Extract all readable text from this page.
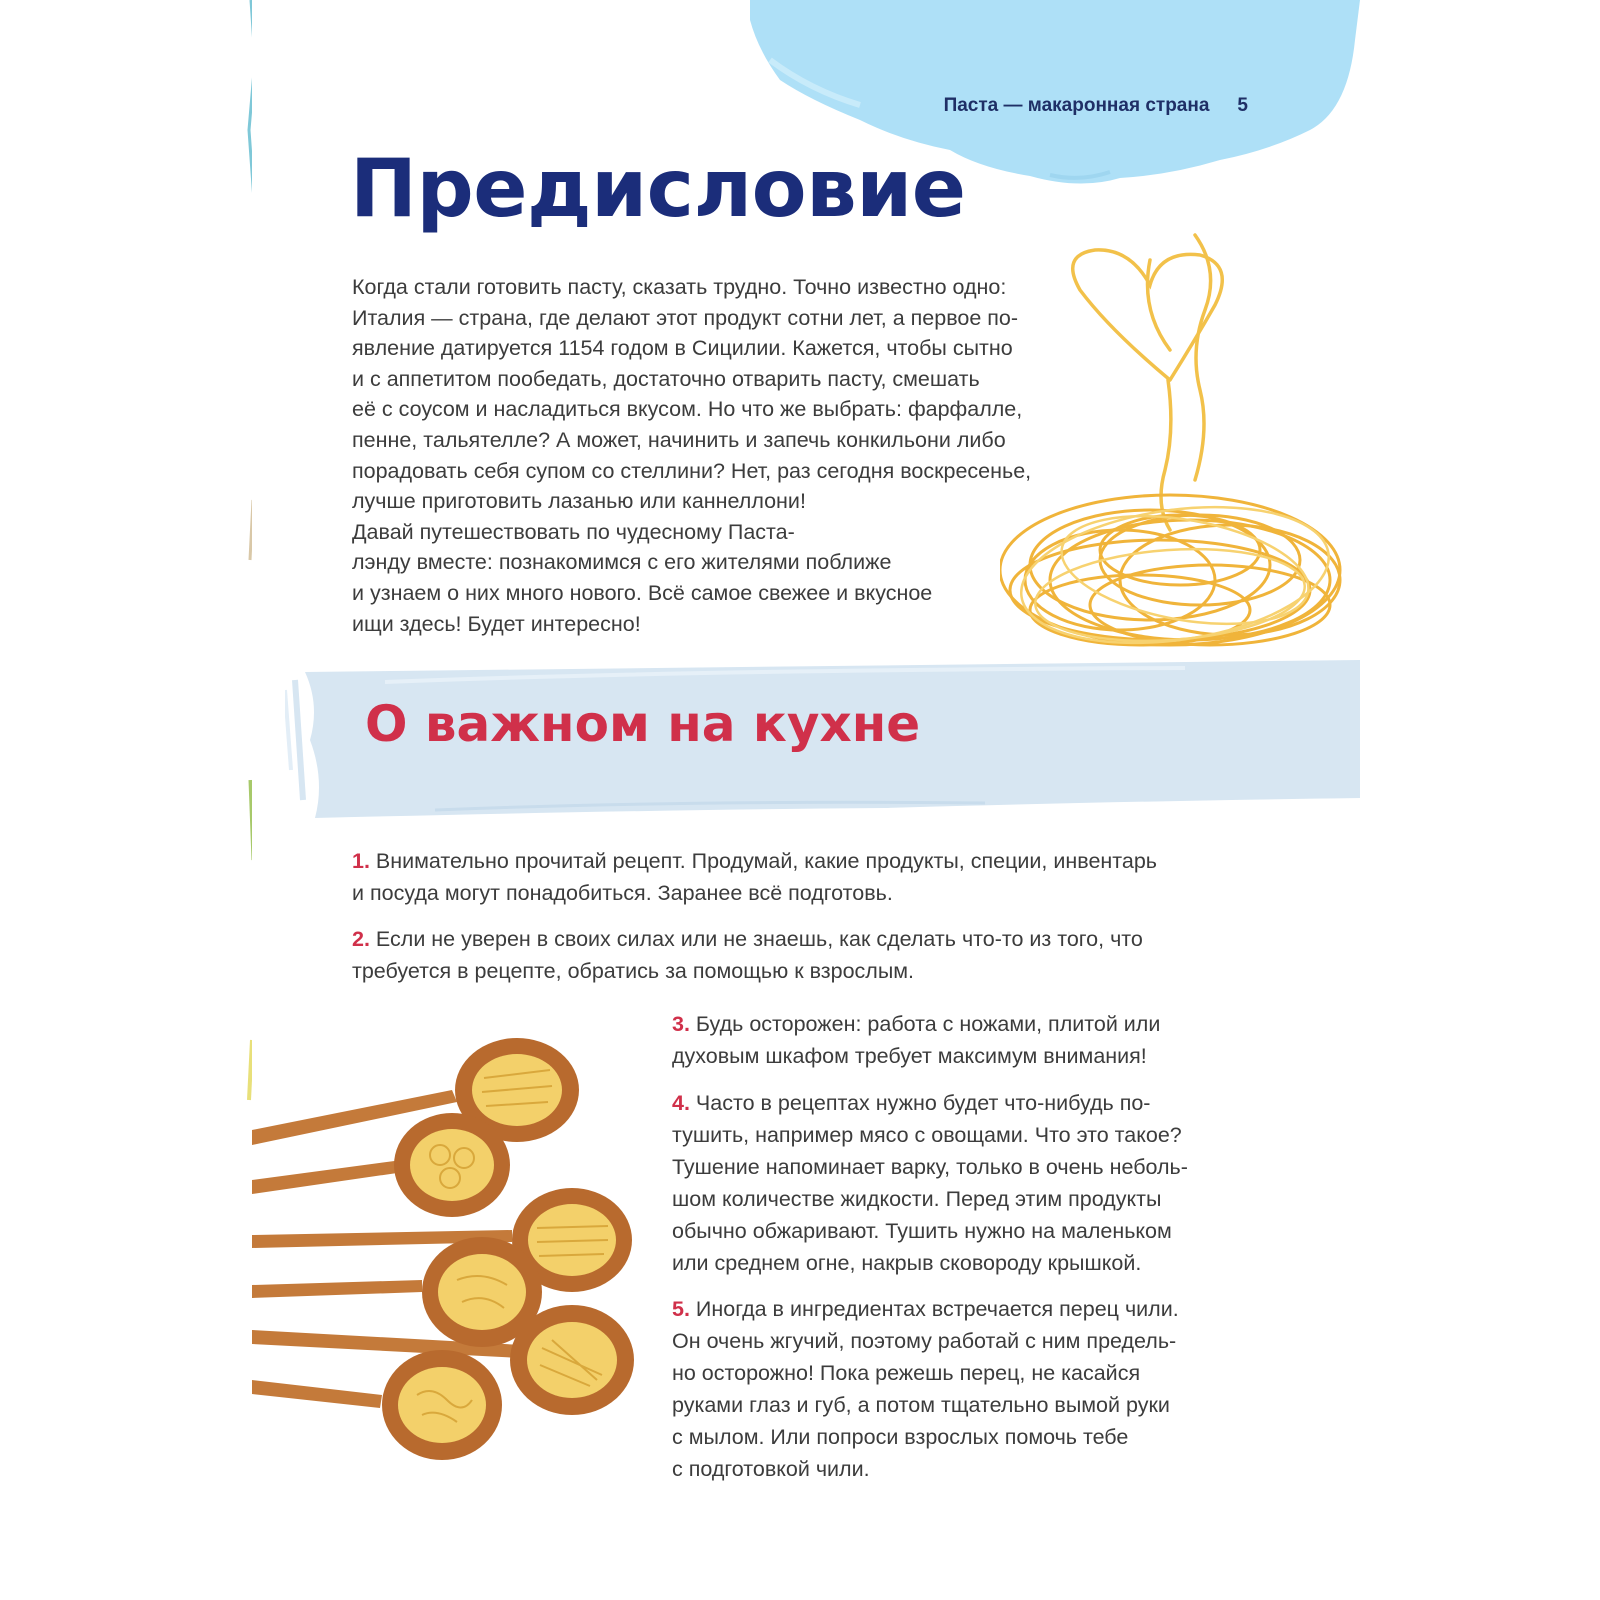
Паста — макаронная страна 5
Предисловие
Когда стали готовить пасту, сказать трудно. Точно известно одно:
Италия — страна, где делают этот продукт сотни лет, а первое по-
явление датируется 1154 годом в Сицилии. Кажется, чтобы сытно
и с аппетитом пообедать, достаточно отварить пасту, смешать
её с соусом и насладиться вкусом. Но что же выбрать: фарфалле,
пенне, тальятелле? А может, начинить и запечь конкильони либо
порадовать себя супом со стеллини? Нет, раз сегодня воскресенье,
лучше приготовить лазанью или каннеллони!
Давай путешествовать по чудесному Паста-
лэнду вместе: познакомимся с его жителями поближе
и узнаем о них много нового. Всё самое свежее и вкусное
ищи здесь! Будет интересно!
О важном на кухне
1. Внимательно прочитай рецепт. Продумай, какие продукты, специи, инвентарь
и посуда могут понадобиться. Заранее всё подготовь.
2. Если не уверен в своих силах или не знаешь, как сделать что-то из того, что
требуется в рецепте, обратись за помощью к взрослым.
3. Будь осторожен: работа с ножами, плитой или
духовым шкафом требует максимум внимания!
4. Часто в рецептах нужно будет что-нибудь по-
тушить, например мясо с овощами. Что это такое?
Тушение напоминает варку, только в очень неболь-
шом количестве жидкости. Перед этим продукты
обычно обжаривают. Тушить нужно на маленьком
или среднем огне, накрыв сковороду крышкой.
5. Иногда в ингредиентах встречается перец чили.
Он очень жгучий, поэтому работай с ним предель-
но осторожно! Пока режешь перец, не касайся
руками глаз и губ, а потом тщательно вымой руки
с мылом. Или попроси взрослых помочь тебе
с подготовкой чили.
